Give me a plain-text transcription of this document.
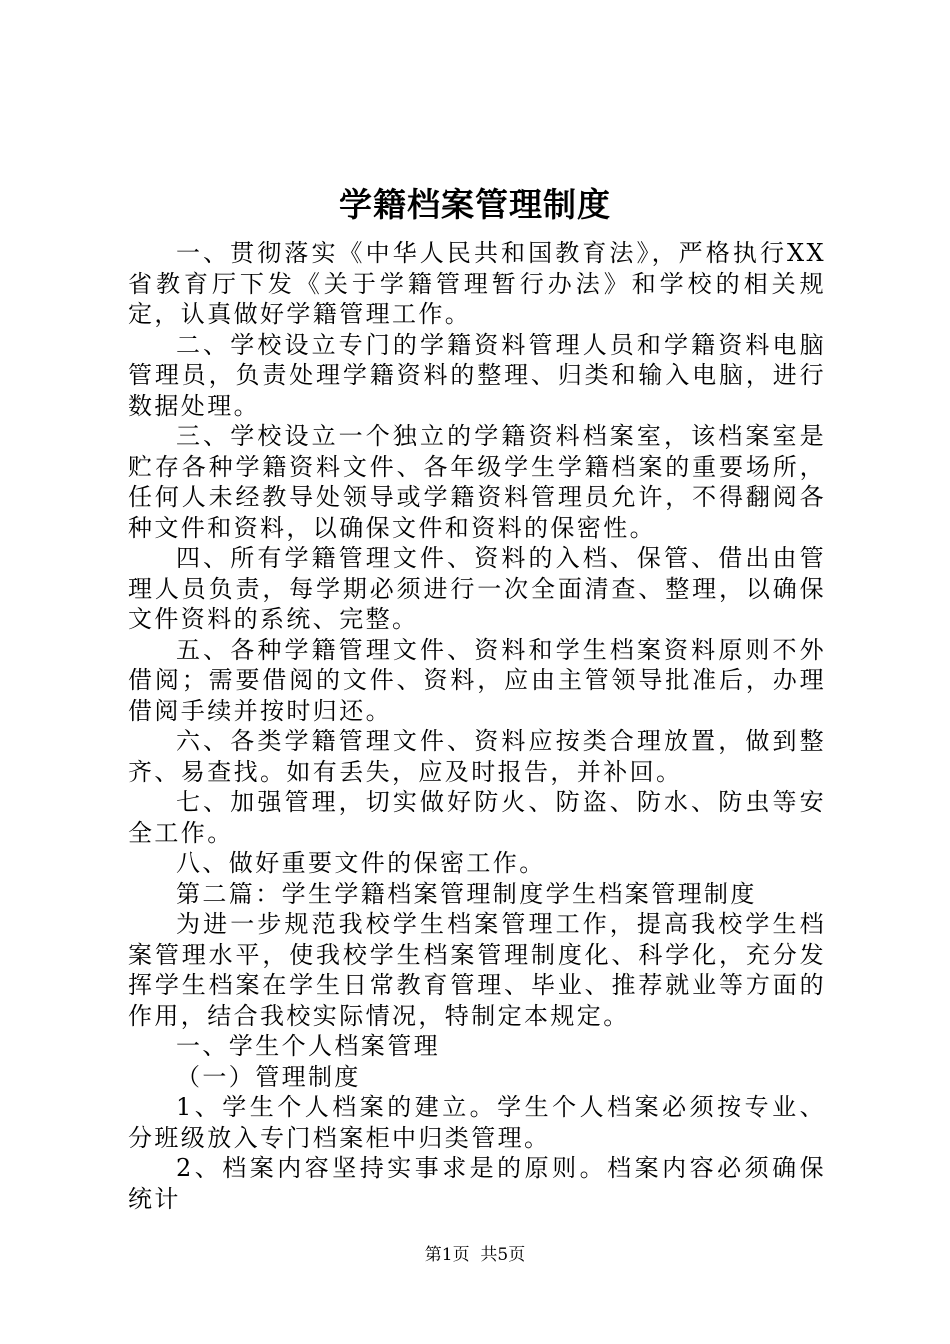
学籍档案管理制度

一、贯彻落实《中华人民共和国教育法》，严格执行XX省教育厅下发《关于学籍管理暂行办法》和学校的相关规定，认真做好学籍管理工作。

二、学校设立专门的学籍资料管理人员和学籍资料电脑管理员，负责处理学籍资料的整理、归类和输入电脑，进行数据处理。

三、学校设立一个独立的学籍资料档案室，该档案室是贮存各种学籍资料文件、各年级学生学籍档案的重要场所，任何人未经教导处领导或学籍资料管理员允许，不得翻阅各种文件和资料，以确保文件和资料的保密性。

四、所有学籍管理文件、资料的入档、保管、借出由管理人员负责，每学期必须进行一次全面清查、整理，以确保文件资料的系统、完整。

五、各种学籍管理文件、资料和学生档案资料原则不外借阅；需要借阅的文件、资料，应由主管领导批准后，办理借阅手续并按时归还。

六、各类学籍管理文件、资料应按类合理放置，做到整齐、易查找。如有丢失，应及时报告，并补回。

七、加强管理，切实做好防火、防盗、防水、防虫等安全工作。

八、做好重要文件的保密工作。

第二篇：学生学籍档案管理制度学生档案管理制度

为进一步规范我校学生档案管理工作，提高我校学生档案管理水平，使我校学生档案管理制度化、科学化，充分发挥学生档案在学生日常教育管理、毕业、推荐就业等方面的作用，结合我校实际情况，特制定本规定。

一、学生个人档案管理

（一）管理制度

1、学生个人档案的建立。学生个人档案必须按专业、分班级放入专门档案柜中归类管理。

2、档案内容坚持实事求是的原则。档案内容必须确保统计

第1页 共5页
